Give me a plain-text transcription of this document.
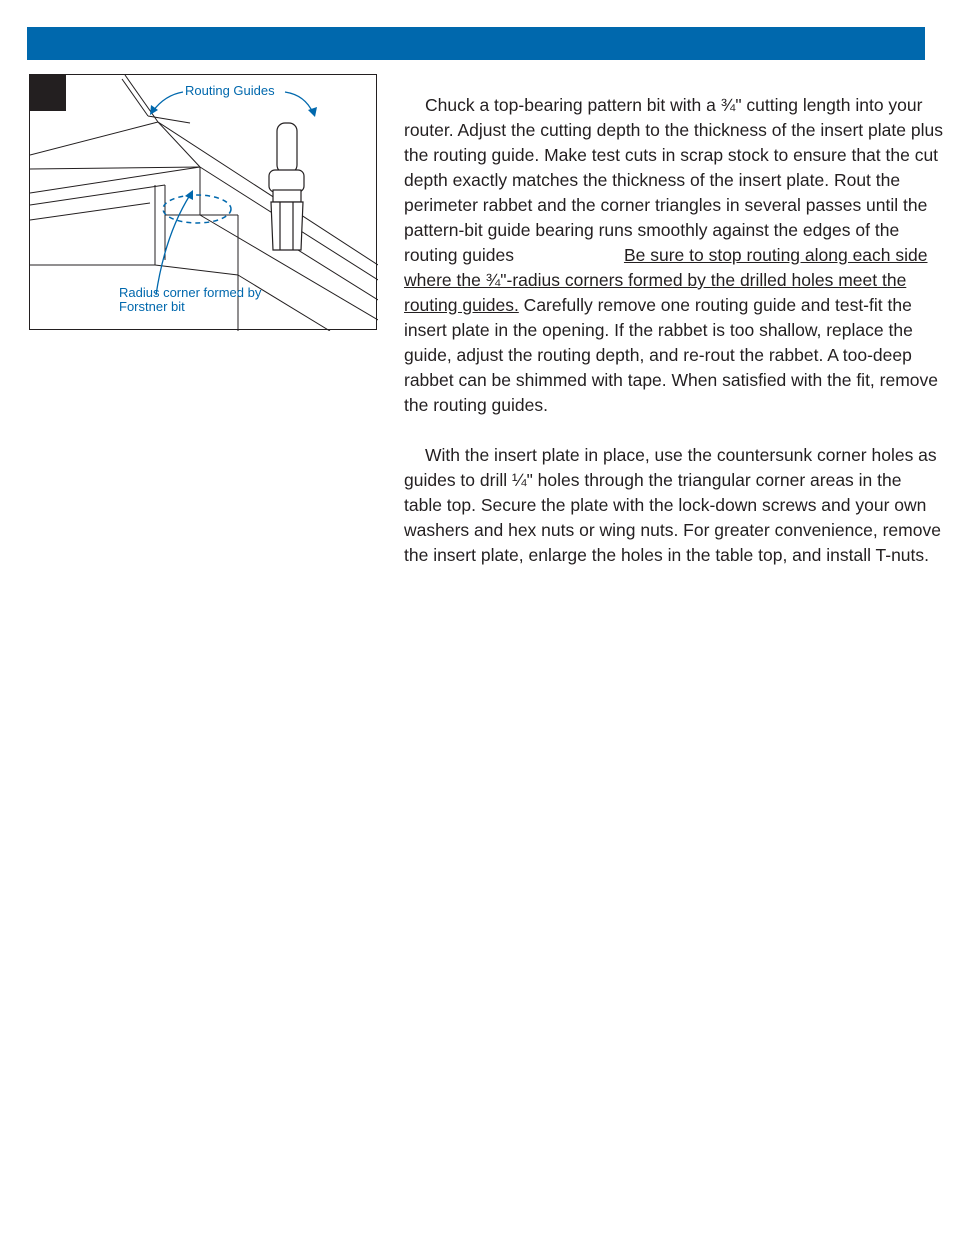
Routing Guides
Radius corner formed by
Forstner bit

Chuck a top-bearing pattern bit with a ¾" cutting length into your router. Adjust the cutting depth to the thickness of the insert plate plus the routing guide. Make test cuts in scrap stock to ensure that the cut depth exactly matches the thickness of the insert plate. Rout the perimeter rabbet and the corner triangles in several passes until the pattern-bit guide bearing runs smoothly against the edges of the routing guides	Be sure to stop routing along each side where the ¾"-radius corners formed by the drilled holes meet the routing guides. Carefully remove one routing guide and test-fit the insert plate in the opening. If the rabbet is too shallow, replace the guide, adjust the routing depth, and re-rout the rabbet. A too-deep rabbet can be shimmed with tape. When satisfied with the fit, remove the routing guides.

With the insert plate in place, use the countersunk corner holes as guides to drill ¼" holes through the triangular corner areas in the table top. Secure the plate with the lock-down screws and your own washers and hex nuts or wing nuts. For greater convenience, remove the insert plate, enlarge the holes in the table top, and install T-nuts.
